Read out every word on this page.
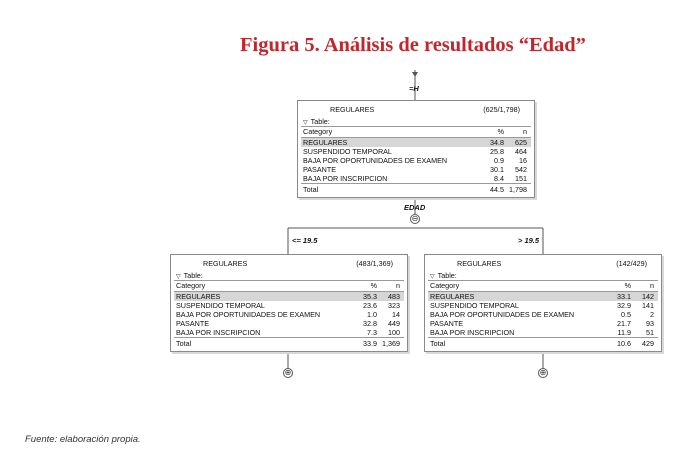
Figura 5. Análisis de resultados “Edad”
=H
EDAD
⊖
<= 19.5	> 19.5
⊕	⊕
REGULARES	(625/1,798)
▽ Table:
Category	%	n
REGULARES	34.8 625
SUSPENDIDO TEMPORAL	25.8 464
BAJA POR OPORTUNIDADES DE EXAMEN	0.9 16
PASANTE	30.1 542
BAJA POR INSCRIPCION	8.4 151
Total	44.5 1,798
REGULARES	(483/1,369)
▽ Table:
Category	%	n
REGULARES	35.3 483
SUSPENDIDO TEMPORAL	23.6 323
BAJA POR OPORTUNIDADES DE EXAMEN	1.0 14
PASANTE	32.8 449
BAJA POR INSCRIPCION	7.3 100
Total	33.9 1,369
REGULARES	(142/429)
▽ Table:
Category	%	n
REGULARES	33.1 142
SUSPENDIDO TEMPORAL	32.9 141
BAJA POR OPORTUNIDADES DE EXAMEN	0.5	2
PASANTE	21.7 93
BAJA POR INSCRIPCION	11.9 51
Total	10.6 429
Fuente: elaboración propia.
